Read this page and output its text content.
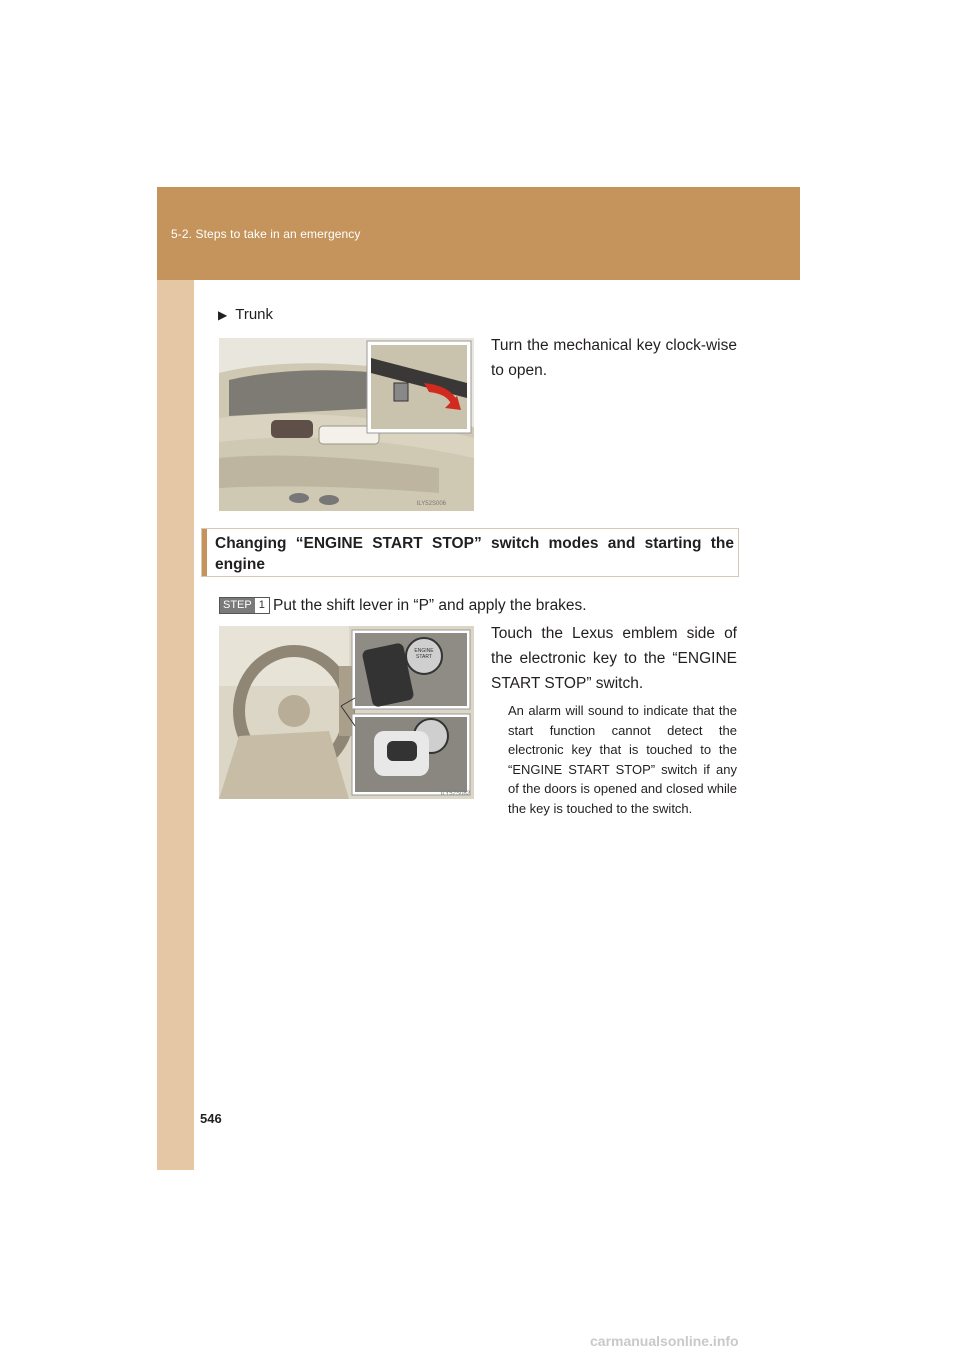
5-2. Steps to take in an emergency
▶ Trunk
ILY52S006
Turn the mechanical key clock-wise to open.
Changing “ENGINE START STOP” switch modes and starting the engine
STEP 1 Put the shift lever in “P” and apply the brakes.
ENGINE START
ILY52S082
Touch the Lexus emblem side of the electronic key to the “ENGINE START STOP” switch.
An alarm will sound to indicate that the start function cannot detect the electronic key that is touched to the “ENGINE START STOP” switch if any of the doors is opened and closed while the key is touched to the switch.
546
carmanualsonline.info
